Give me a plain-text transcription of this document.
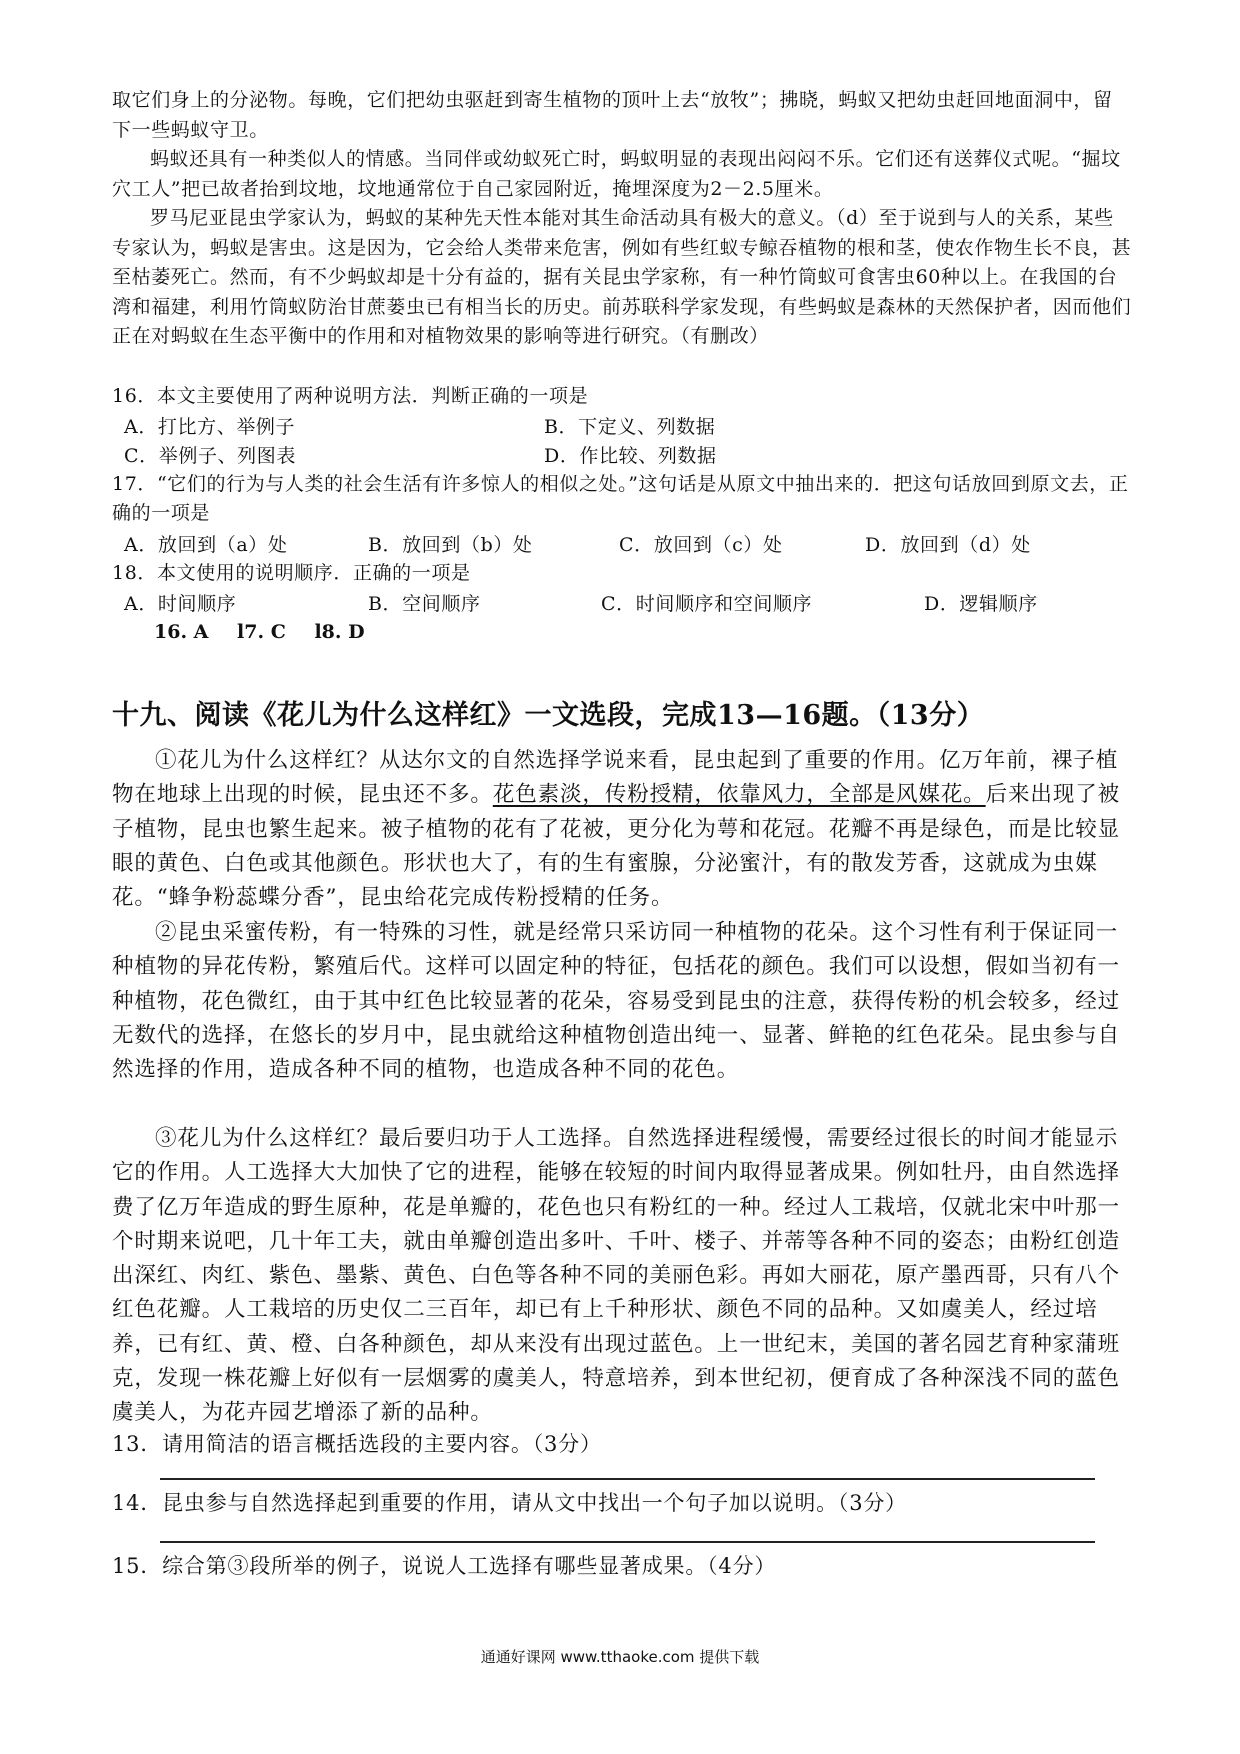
取它们身上的分泌物。每晚，它们把幼虫驱赶到寄生植物的顶叶上去“放牧”；拂晓，蚂蚁又把幼虫赶回地面洞中，留下一些蚂蚁守卫。

蚂蚁还具有一种类似人的情感。当同伴或幼蚁死亡时，蚂蚁明显的表现出闷闷不乐。它们还有送葬仪式呢。“掘坟穴工人”把已故者抬到坟地，坟地通常位于自己家园附近，掩埋深度为2－2.5厘米。

罗马尼亚昆虫学家认为，蚂蚁的某种先天性本能对其生命活动具有极大的意义。（d）至于说到与人的关系，某些专家认为，蚂蚁是害虫。这是因为，它会给人类带来危害，例如有些红蚁专鲸吞植物的根和茎，使农作物生长不良，甚至枯萎死亡。然而，有不少蚂蚁却是十分有益的，据有关昆虫学家称，有一种竹筒蚁可食害虫60种以上。在我国的台湾和福建，利用竹筒蚁防治甘蔗蒌虫已有相当长的历史。前苏联科学家发现，有些蚂蚁是森林的天然保护者，因而他们正在对蚂蚁在生态平衡中的作用和对植物效果的影响等进行研究。（有删改）

16．本文主要使用了两种说明方法．判断正确的一项是

A．打比方、举例子	B．下定义、列数据
C．举例子、列图表	D．作比较、列数据

17．“它们的行为与人类的社会生活有许多惊人的相似之处。”这句话是从原文中抽出来的．把这句话放回到原文去，正确的一项是

A．放回到（a）处	B．放回到（b）处	C．放回到（c）处	D．放回到（d）处

18．本文使用的说明顺序．正确的一项是

A．时间顺序	B．空间顺序	C．时间顺序和空间顺序	D．逻辑顺序
16. A l7. C l8. D
十九、阅读《花儿为什么这样红》一文选段，完成13—16题。（13分）

①花儿为什么这样红？从达尔文的自然选择学说来看，昆虫起到了重要的作用。亿万年前，裸子植物在地球上出现的时候，昆虫还不多。花色素淡，传粉授精，依靠风力，全部是风媒花。后来出现了被子植物，昆虫也繁生起来。被子植物的花有了花被，更分化为萼和花冠。花瓣不再是绿色，而是比较显眼的黄色、白色或其他颜色。形状也大了，有的生有蜜腺，分泌蜜汁，有的散发芳香，这就成为虫媒花。“蜂争粉蕊蝶分香”，昆虫给花完成传粉授精的任务。

②昆虫采蜜传粉，有一特殊的习性，就是经常只采访同一种植物的花朵。这个习性有利于保证同一种植物的异花传粉，繁殖后代。这样可以固定种的特征，包括花的颜色。我们可以设想，假如当初有一种植物，花色微红，由于其中红色比较显著的花朵，容易受到昆虫的注意，获得传粉的机会较多，经过无数代的选择，在悠长的岁月中，昆虫就给这种植物创造出纯一、显著、鲜艳的红色花朵。昆虫参与自然选择的作用，造成各种不同的植物，也造成各种不同的花色。

③花儿为什么这样红？最后要归功于人工选择。自然选择进程缓慢，需要经过很长的时间才能显示它的作用。人工选择大大加快了它的进程，能够在较短的时间内取得显著成果。例如牡丹，由自然选择费了亿万年造成的野生原种，花是单瓣的，花色也只有粉红的一种。经过人工栽培，仅就北宋中叶那一个时期来说吧，几十年工夫，就由单瓣创造出多叶、千叶、楼子、并蒂等各种不同的姿态；由粉红创造出深红、肉红、紫色、墨紫、黄色、白色等各种不同的美丽色彩。再如大丽花，原产墨西哥，只有八个红色花瓣。人工栽培的历史仅二三百年，却已有上千种形状、颜色不同的品种。又如虞美人，经过培养，已有红、黄、橙、白各种颜色，却从来没有出现过蓝色。上一世纪末，美国的著名园艺育种家蒲班克，发现一株花瓣上好似有一层烟雾的虞美人，特意培养，到本世纪初，便育成了各种深浅不同的蓝色虞美人，为花卉园艺增添了新的品种。

13．请用简洁的语言概括选段的主要内容。（3分）
14．昆虫参与自然选择起到重要的作用，请从文中找出一个句子加以说明。（3分）
15．综合第③段所举的例子，说说人工选择有哪些显著成果。（4分）
通通好课网 www.tthaoke.com 提供下载
